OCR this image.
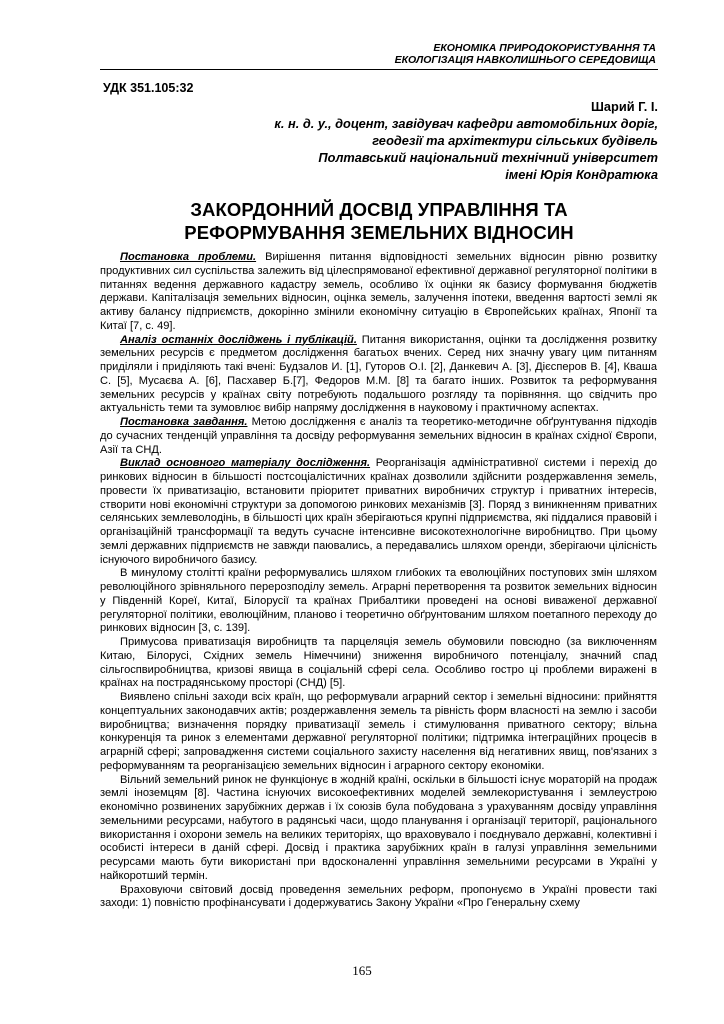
ЕКОНОМІКА ПРИРОДОКОРИСТУВАННЯ ТА
ЕКОЛОГІЗАЦІЯ НАВКОЛИШНЬОГО СЕРЕДОВИЩА
УДК 351.105:32
Шарий Г. І.
к. н. д. у., доцент, завідувач кафедри автомобільних доріг,
геодезії та архітектури сільських будівель
Полтавський національний технічний університет
імені Юрія Кондратюка
ЗАКОРДОННИЙ ДОСВІД УПРАВЛІННЯ ТА
РЕФОРМУВАННЯ ЗЕМЕЛЬНИХ ВІДНОСИН

Постановка проблеми. Вирішення питання відповідності земельних відносин рівню розвитку продуктивних сил суспільства залежить від цілеспрямованої ефективної державної регуляторної політики в питаннях ведення державного кадастру земель, особливо їх оцінки як базису формування бюджетів держави. Капіталізація земельних відносин, оцінка земель, залучення іпотеки, введення вартості землі як активу балансу підприємств, докорінно змінили економічну ситуацію в Європейських країнах, Японії та Китаї [7, с. 49].

Аналіз останніх досліджень і публікацій. Питання використання, оцінки та дослідження розвитку земельних ресурсів є предметом дослідження багатьох вчених. Серед них значну увагу цим питанням приділяли і приділяють такі вчені: Будзалов И. [1], Гуторов О.І. [2], Данкевич А. [3], Дієсперов В. [4], Кваша С. [5], Мусаєва А. [6], Пасхавер Б.[7], Федоров М.М. [8] та багато інших. Розвиток та реформування земельних ресурсів у країнах світу потребують подальшого розгляду та порівняння. що свідчить про актуальність теми та зумовлює вибір напряму дослідження в науковому і практичному аспектах.

Постановка завдання. Метою дослідження є аналіз та теоретико-методичне обґрунтування підходів до сучасних тенденцій управління та досвіду реформування земельних відносин в країнах східної Європи, Азії та СНД.

Виклад основного матеріалу дослідження. Реорганізація адміністративної системи і перехід до ринкових відносин в більшості постсоціалістичних країнах дозволили здійснити роздержавлення земель, провести їх приватизацію, встановити пріоритет приватних виробничих структур і приватних інтересів, створити нові економічні структури за допомогою ринкових механізмів [3]. Поряд з виникненням приватних селянських землеволодінь, в більшості цих країн зберігаються крупні підприємства, які піддалися правовій і організаційній трансформації та ведуть сучасне інтенсивне високотехнологічне виробництво. При цьому землі державних підприємств не завжди паювались, а передавались шляхом оренди, зберігаючи цілісність існуючого виробничого базису.

В минулому столітті країни реформувались шляхом глибоких та еволюційних поступових змін шляхом революційного зрівняльного перерозподілу земель. Аграрні перетворення та розвиток земельних відносин у Південній Кореї, Китаї, Білорусії та країнах Прибалтики проведені на основі виваженої державної регуляторної політики, еволюційним, планово і теоретично обґрунтованим шляхом поетапного переходу до ринкових відносин [3, с. 139].

Примусова приватизація виробництв та парцеляція земель обумовили повсюдно (за виключенням Китаю, Білорусі, Східних земель Німеччини) зниження виробничого потенціалу, значний спад сільгоспвиробництва, кризові явища в соціальній сфері села. Особливо гостро ці проблеми виражені в країнах на пострадянському просторі (СНД) [5].

Виявлено спільні заходи всіх країн, що реформували аграрний сектор і земельні відносини: прийняття концептуальних законодавчих актів; роздержавлення земель та рівність форм власності на землю і засоби виробництва; визначення порядку приватизації земель і стимулювання приватного сектору; вільна конкуренція та ринок з елементами державної регуляторної політики; підтримка інтеграційних процесів в аграрній сфері; запровадження системи соціального захисту населення від негативних явищ, пов'язаних з реформуванням та реорганізацією земельних відносин і аграрного сектору економіки.

Вільний земельний ринок не функціонує в жодній країні, оскільки в більшості існує мораторій на продаж землі іноземцям [8]. Частина існуючих високоефективних моделей землекористування і землеустрою економічно розвинених зарубіжних держав і їх союзів була побудована з урахуванням досвіду управління земельними ресурсами, набутого в радянські часи, щодо планування і організації території, раціонального використання і охорони земель на великих територіях, що враховувало і поєднувало державні, колективні і особисті інтереси в даній сфері. Досвід і практика зарубіжних країн в галузі управління земельними ресурсами мають бути використані при вдосконаленні управління земельними ресурсами в Україні у найкоротший термін.

Враховуючи світовий досвід проведення земельних реформ, пропонуємо в Україні провести такі заходи: 1) повністю профінансувати і додержуватись Закону України «Про Генеральну схему

165
